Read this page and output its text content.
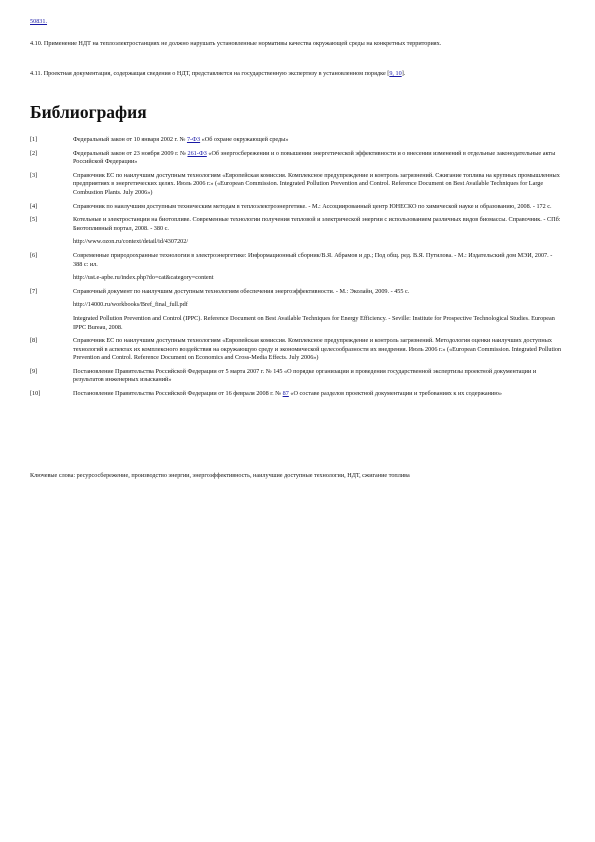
50831.

4.10. Применение НДТ на теплоэлектростанциях не должно нарушать установленные нормативы качества окружающей среды на конкретных территориях.

4.11. Проектная документация, содержащая сведения о НДТ, представляется на государственную экспертизу в установленном порядке [9, 10].

Библиография
[1]	Федеральный закон от 10 января 2002 г. № 7-ФЗ «Об охране окружающей среды»
[2]	Федеральный закон от 23 ноября 2009 г. № 261-ФЗ «Об энергосбережении и о повышении энергетической эффективности и о внесении изменений в отдельные законодательные акты Российской Федерации»
[3]	Справочник ЕС по наилучшим доступным технологиям «Европейская комиссия. Комплексное предупреждение и контроль загрязнений. Сжигание топлива на крупных промышленных предприятиях в энергетических целях. Июль 2006 г.» («European Commission. Integrated Pollution Prevention and Control. Reference Document on Best Available Techniques for Large Combustion Plants. July 2006»)
[4]	Справочник по наилучшим доступным техническим методам в теплоэлектроэнергетике. - М.: Ассоциированный центр ЮНЕСКО по химической науке и образованию, 2008. - 172 с.
[5]	Котельные и электростанции на биотопливе. Современные технологии получения тепловой и электрической энергии с использованием различных видов биомассы. Справочник. - СПб: Биотопливный портал, 2008. - 380 с.
http://www.ozon.ru/context/detail/id/4307202/
[6]	Современные природоохранные технологии в электроэнергетике: Информационный сборник/В.Я. Абрамов и др.; Под общ. ред. В.Я. Путилова. - М.: Издательский дом МЭИ, 2007. - 388 с: ил.
http://ust.e-apbe.ru/index.php?do=cat&category=content
[7]	Справочный документ по наилучшим доступным технологиям обеспечения энергоэффективности. - М.: Эколайн, 2009. - 455 с.
http://14000.ru/workbooks/Bref_final_full.pdf
Integrated Pollution Prevention and Control (IPPC). Reference Document on Best Available Techniques for Energy Efficiency. - Seville: Institute for Prospective Technological Studies. European IPPC Bureau, 2008.
[8]	Справочник ЕС по наилучшим доступным технологиям «Европейская комиссия. Комплексное предупреждение и контроль загрязнений. Методология оценки наилучших доступных технологий в аспектах их комплексного воздействия на окружающую среду и экономической целесообразности их внедрения. Июль 2006 г.» («European Commission. Integrated Pollution Prevention and Control. Reference Document on Economics and Cross-Media Effects. July 2006»)
[9]	Постановление Правительства Российской Федерации от 5 марта 2007 г. № 145 «О порядке организации и проведения государственной экспертизы проектной документации и результатов инженерных изысканий»
[10]	Постановление Правительства Российской Федерации от 16 февраля 2008 г. № 87 «О составе разделов проектной документации и требованиях к их содержанию»

Ключевые слова: ресурсосбережение, производство энергии, энергоэффективность, наилучшие доступные технологии, НДТ, сжигание топлива
